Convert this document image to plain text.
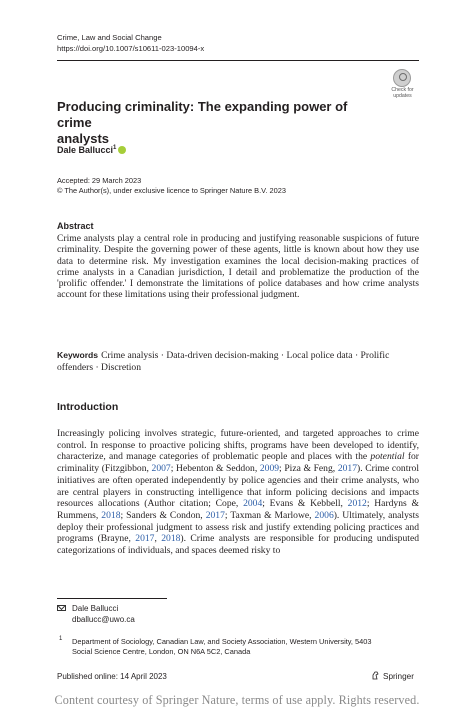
Crime, Law and Social Change
https://doi.org/10.1007/s10611-023-10094-x
Check for
updates
Producing criminality: The expanding power of crime
analysts
Dale Ballucci$^1$
Accepted: 29 March 2023
© The Author(s), under exclusive licence to Springer Nature B.V. 2023
Abstract
Crime analysts play a central role in producing and justifying reasonable suspicions of future criminality. Despite the governing power of these agents, little is known about how they use data to determine risk. My investigation examines the local decision-making practices of crime analysts in a Canadian jurisdiction, I detail and problematize the production of the 'prolific offender.' I demonstrate the limitations of police databases and how crime analysts account for these limitations using their professional judgment.
Keywords Crime analysis · Data-driven decision-making · Local police data · Prolific offenders · Discretion
Introduction
Increasingly policing involves strategic, future-oriented, and targeted approaches to crime control. In response to proactive policing shifts, programs have been developed to identify, characterize, and manage categories of problematic people and places with the potential for criminality (Fitzgibbon, 2007; Hebenton & Seddon, 2009; Piza & Feng, 2017). Crime control initiatives are often operated independently by police agencies and their crime analysts, who are central players in constructing intelligence that inform policing decisions and impacts resources allocations (Author citation; Cope, 2004; Evans & Kebbell, 2012; Hardyns & Rummens, 2018; Sanders & Condon, 2017; Taxman & Marlowe, 2006). Ultimately, analysts deploy their professional judgment to assess risk and justify extending policing practices and programs (Brayne, 2017, 2018). Crime analysts are responsible for producing undisputed categorizations of individuals, and spaces deemed risky to
Dale Ballucci
dballucc@uwo.ca
1 Department of Sociology, Canadian Law, and Society Association, Western University, 5403
Social Science Centre, London, ON N6A 5C2, Canada
Published online: 14 April 2023	Springer
Content courtesy of Springer Nature, terms of use apply. Rights reserved.
